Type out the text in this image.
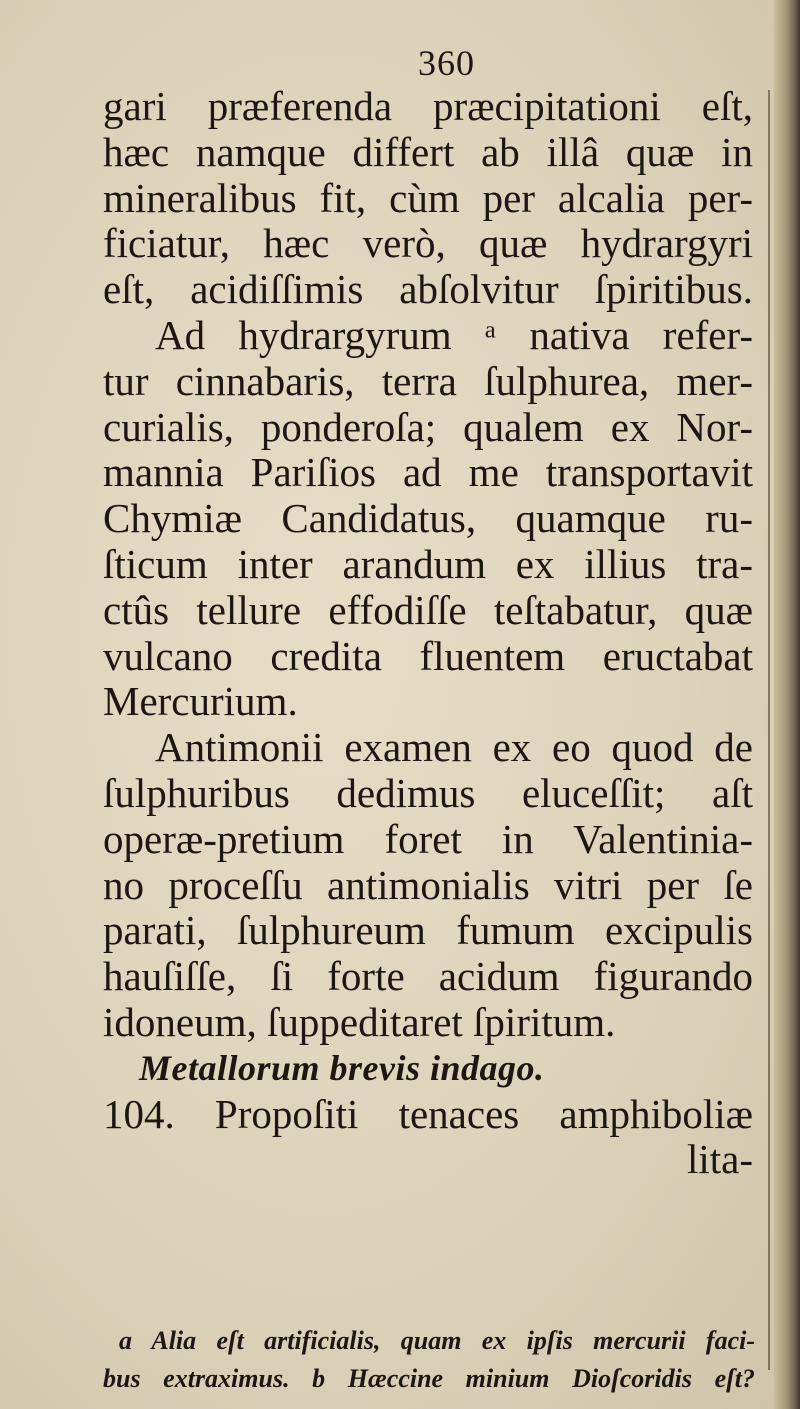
360
gari præferenda præcipitationi eſt,
hæc namque differt ab illâ quæ in
mineralibus fit, cùm per alcalia per-
ficiatur, hæc verò, quæ hydrargyri
eſt, acidiſſimis abſolvitur ſpiritibus.
Ad hydrargyrum ᵃ nativa refer-
tur cinnabaris, terra ſulphurea, mer-
curialis, ponderoſa; qualem ex Nor-
mannia Pariſios ad me transportavit
Chymiæ Candidatus, quamque ru-
ſticum inter arandum ex illius tra-
ctûs tellure effodiſſe teſtabatur, quæ
vulcano credita fluentem eructabat
Mercurium.
Antimonii examen ex eo quod de
ſulphuribus dedimus eluceſſit; aſt
operæ-pretium foret in Valentinia-
no proceſſu antimonialis vitri per ſe
parati, ſulphureum fumum excipulis
hauſiſſe, ſi forte acidum figurando
idoneum, ſuppeditaret ſpiritum.
Metallorum brevis indago.
104. Propoſiti tenaces amphiboliæ
lita-
a Alia eſt artificialis, quam ex ipſis mercurii faci-
bus extraximus. b Hæccine minium Dioſcoridis eſt?
